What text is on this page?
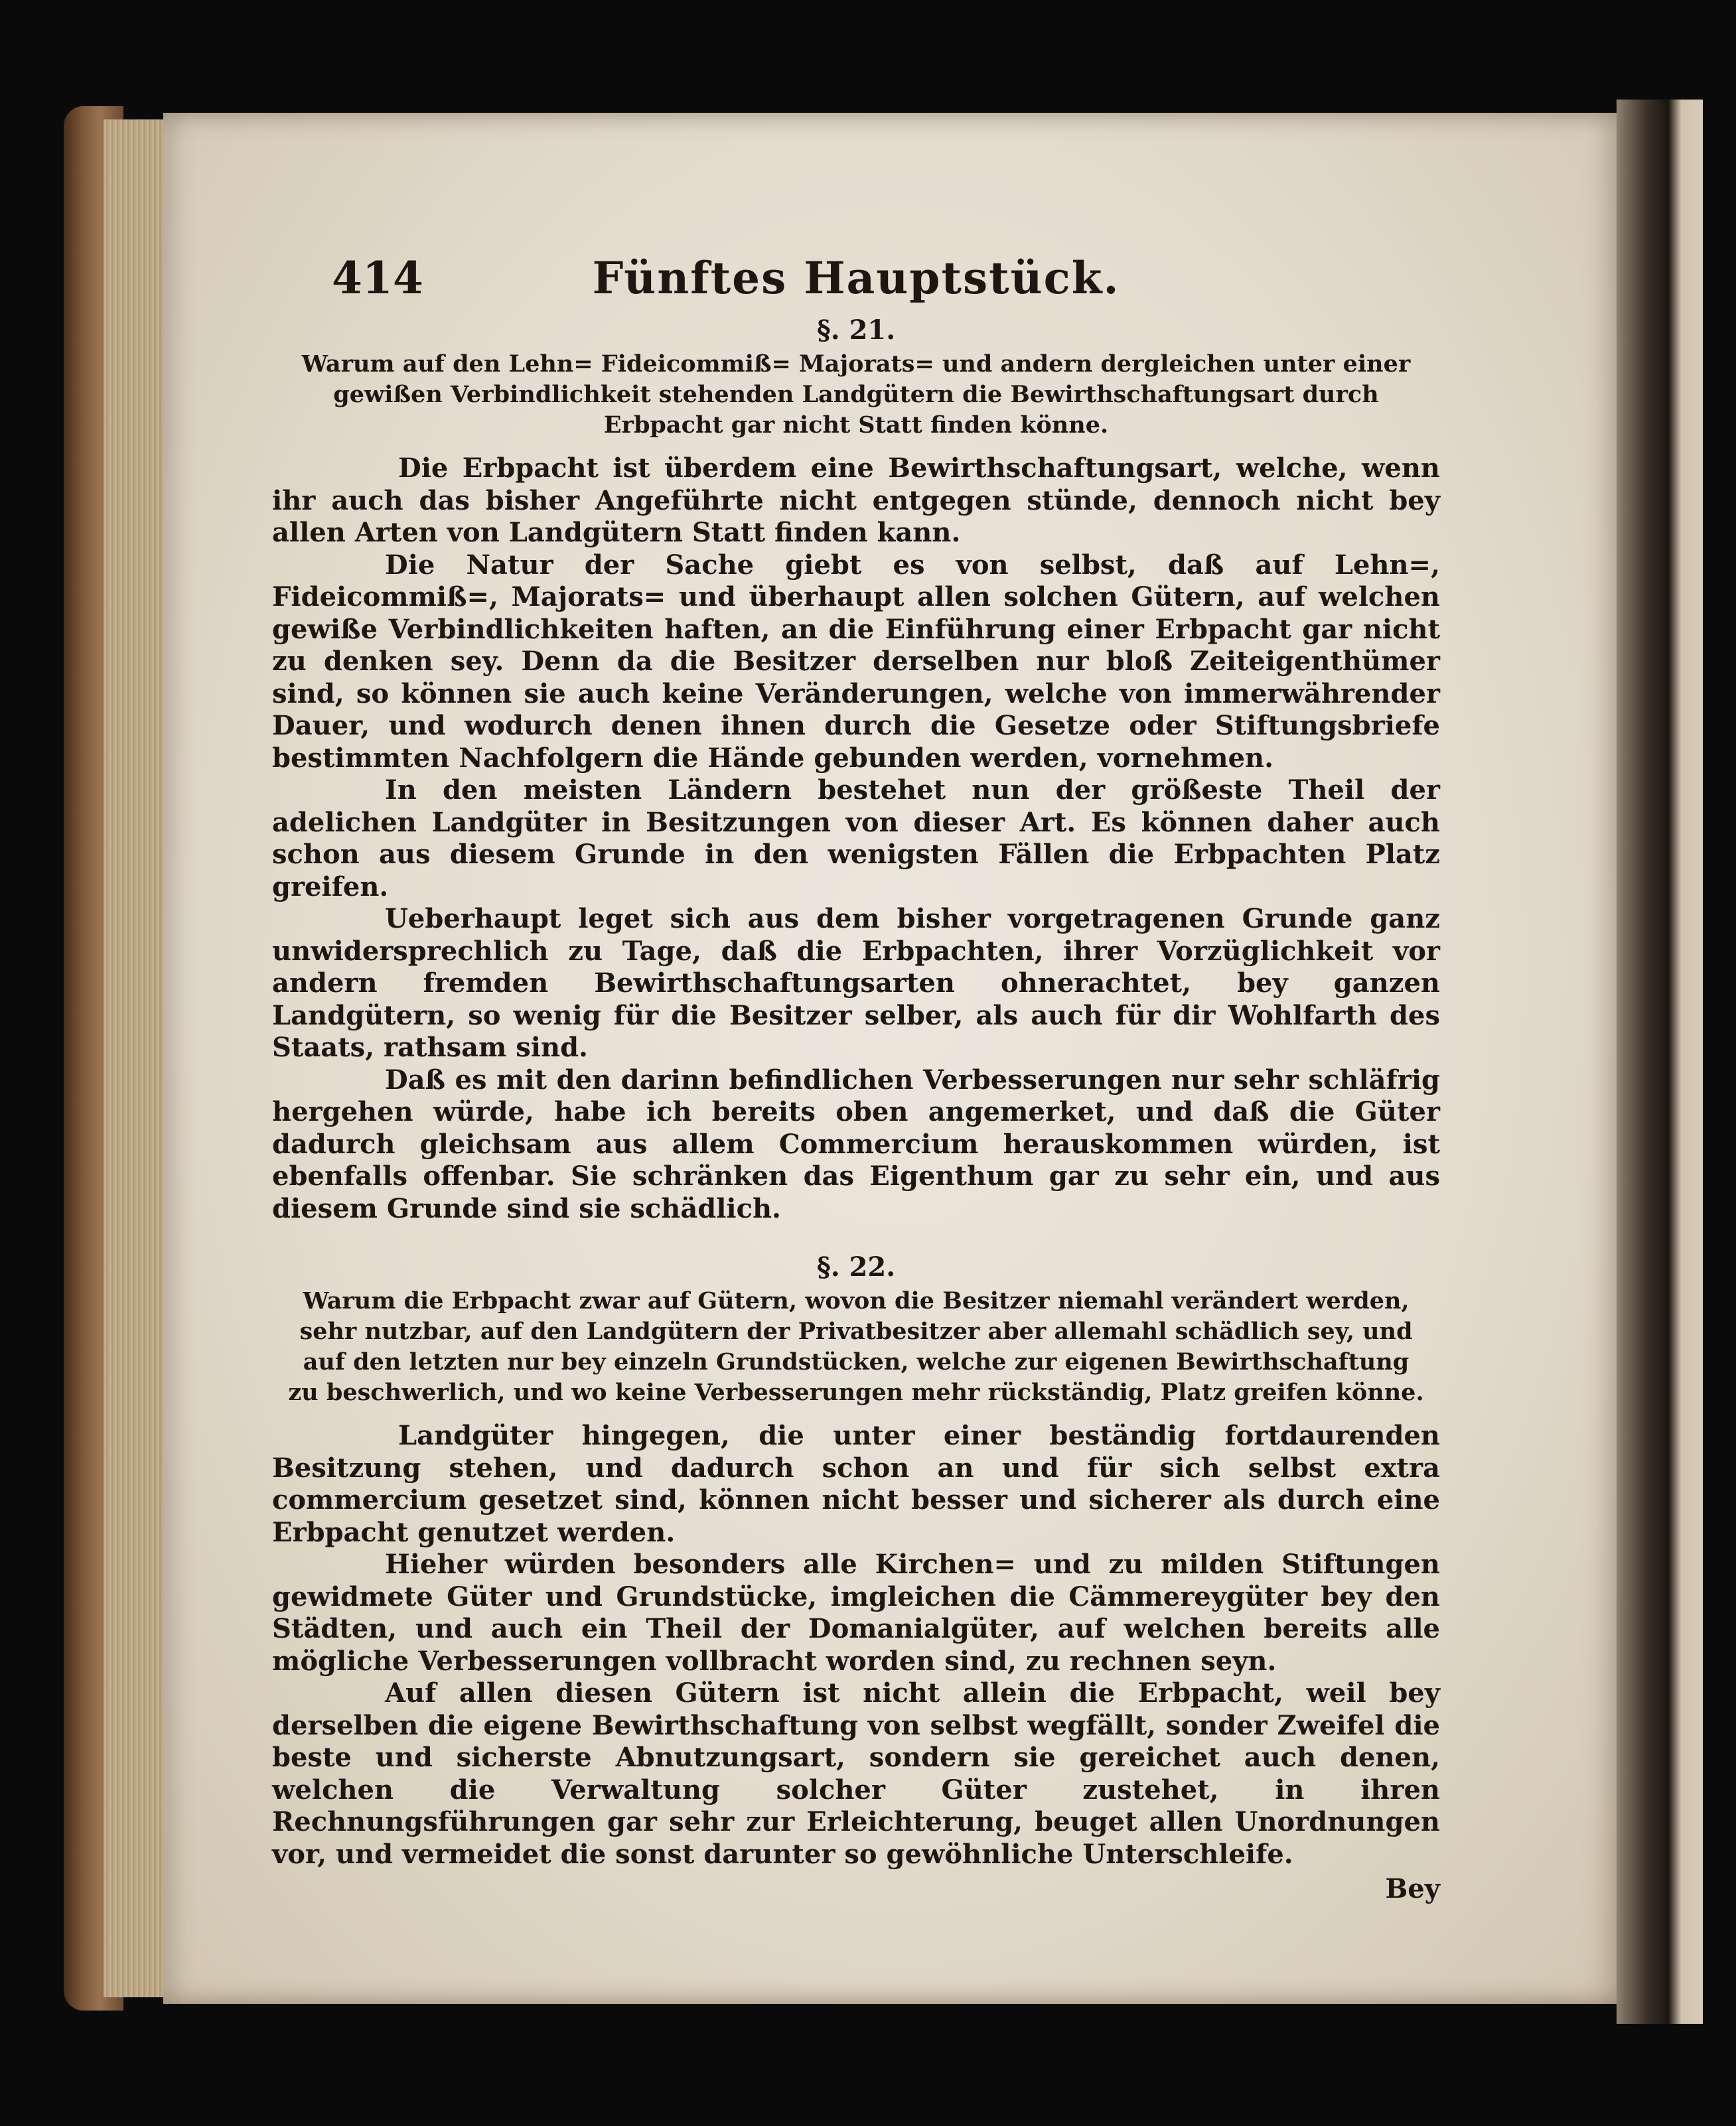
414	Fünftes Hauptstück.

§. 21.

Warum auf den Lehn= Fideicommiß= Majorats= und andern dergleichen unter einer gewißen Verbindlichkeit stehenden Landgütern die Bewirthschaftungsart durch Erbpacht gar nicht Statt finden könne.

Die Erbpacht ist überdem eine Bewirthschaftungsart, welche, wenn ihr auch das bisher Angeführte nicht entgegen stünde, dennoch nicht bey allen Arten von Landgütern Statt finden kann.

Die Natur der Sache giebt es von selbst, daß auf Lehn=, Fideicommiß=, Majorats= und überhaupt allen solchen Gütern, auf welchen gewiße Verbindlichkeiten haften, an die Einführung einer Erbpacht gar nicht zu denken sey. Denn da die Besitzer derselben nur bloß Zeiteigenthümer sind, so können sie auch keine Veränderungen, welche von immerwährender Dauer, und wodurch denen ihnen durch die Gesetze oder Stiftungsbriefe bestimmten Nachfolgern die Hände gebunden werden, vornehmen.

In den meisten Ländern bestehet nun der größeste Theil der adelichen Landgüter in Besitzungen von dieser Art. Es können daher auch schon aus diesem Grunde in den wenigsten Fällen die Erbpachten Platz greifen.

Ueberhaupt leget sich aus dem bisher vorgetragenen Grunde ganz unwidersprechlich zu Tage, daß die Erbpachten, ihrer Vorzüglichkeit vor andern fremden Bewirthschaftungsarten ohnerachtet, bey ganzen Landgütern, so wenig für die Besitzer selber, als auch für dir Wohlfarth des Staats, rathsam sind.

Daß es mit den darinn befindlichen Verbesserungen nur sehr schläfrig hergehen würde, habe ich bereits oben angemerket, und daß die Güter dadurch gleichsam aus allem Commercium herauskommen würden, ist ebenfalls offenbar. Sie schränken das Eigenthum gar zu sehr ein, und aus diesem Grunde sind sie schädlich.

§. 22.

Warum die Erbpacht zwar auf Gütern, wovon die Besitzer niemahl verändert werden, sehr nutzbar, auf den Landgütern der Privatbesitzer aber allemahl schädlich sey, und auf den letzten nur bey einzeln Grundstücken, welche zur eigenen Bewirthschaftung zu beschwerlich, und wo keine Verbesserungen mehr rückständig, Platz greifen könne.

Landgüter hingegen, die unter einer beständig fortdaurenden Besitzung stehen, und dadurch schon an und für sich selbst extra commercium gesetzet sind, können nicht besser und sicherer als durch eine Erbpacht genutzet werden.

Hieher würden besonders alle Kirchen= und zu milden Stiftungen gewidmete Güter und Grundstücke, imgleichen die Cämmereygüter bey den Städten, und auch ein Theil der Domanialgüter, auf welchen bereits alle mögliche Verbesserungen vollbracht worden sind, zu rechnen seyn.

Auf allen diesen Gütern ist nicht allein die Erbpacht, weil bey derselben die eigene Bewirthschaftung von selbst wegfällt, sonder Zweifel die beste und sicherste Abnutzungsart, sondern sie gereichet auch denen, welchen die Verwaltung solcher Güter zustehet, in ihren Rechnungsführungen gar sehr zur Erleichterung, beuget allen Unordnungen vor, und vermeidet die sonst darunter so gewöhnliche Unterschleife.

Bey
